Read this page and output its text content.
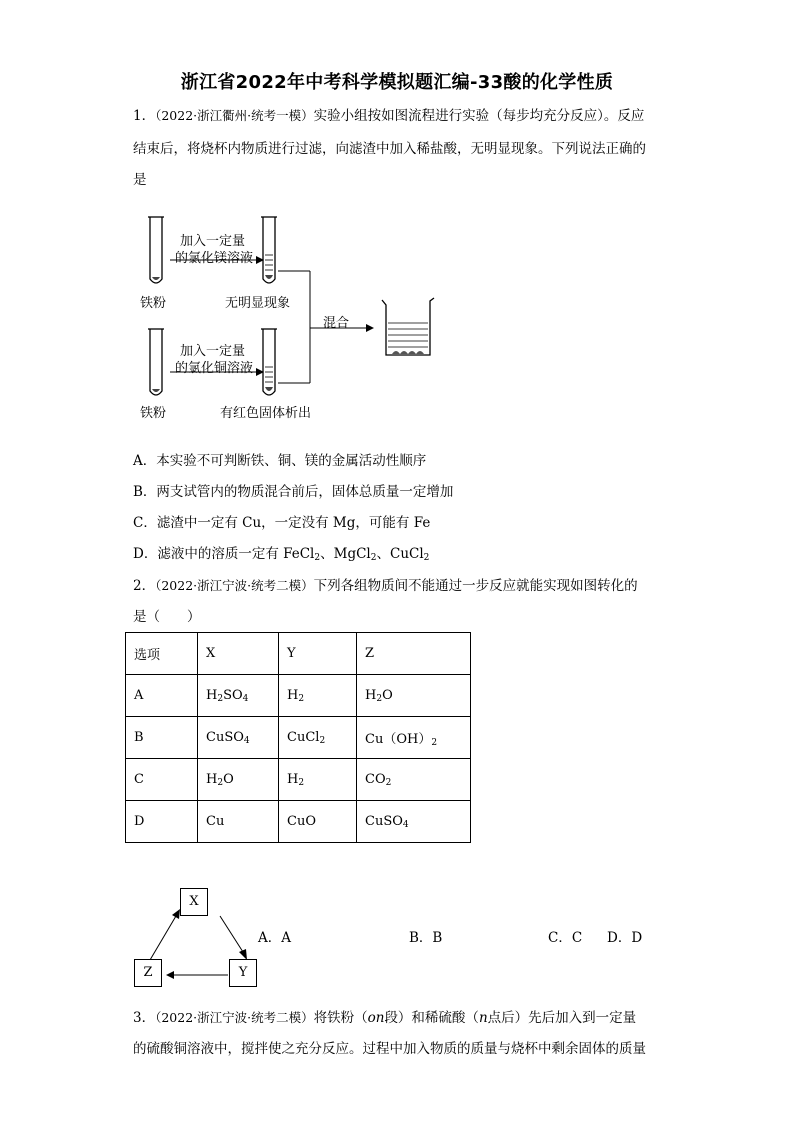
浙江省2022年中考科学模拟题汇编-33酸的化学性质
1．（2022·浙江衢州·统考一模）实验小组按如图流程进行实验（每步均充分反应）。反应
结束后，将烧杯内物质进行过滤，向滤渣中加入稀盐酸，无明显现象。下列说法正确的
是
加入一定量
的氯化镁溶液
铁粉	无明显现象
混合
加入一定量
的氯化铜溶液
铁粉	有红色固体析出
A．本实验不可判断铁、铜、镁的金属活动性顺序
B．两支试管内的物质混合前后，固体总质量一定增加
C．滤渣中一定有 Cu，一定没有 Mg，可能有 Fe
D．滤液中的溶质一定有 FeCl$_2$、MgCl$_2$、CuCl$_2$
2．（2022·浙江宁波·统考二模）下列各组物质间不能通过一步反应就能实现如图转化的
是（　　）
选项	X	Y	Z
A	$H_2SO_4$	$H_2$	$H_2O$
B	CuSO$_4$	CuCl$_2$	$Cu(OH)_2$
C	$H_2O$	$H_2$	$CO_2$
D	Cu	CuO	CuSO$_4$
X
Y
Z
A．A	B．B	C．C D．D
3．（2022·浙江宁波·统考二模）将铁粉（on段）和稀硫酸（n点后）先后加入到一定量
的硫酸铜溶液中，搅拌使之充分反应。过程中加入物质的质量与烧杯中剩余固体的质量
